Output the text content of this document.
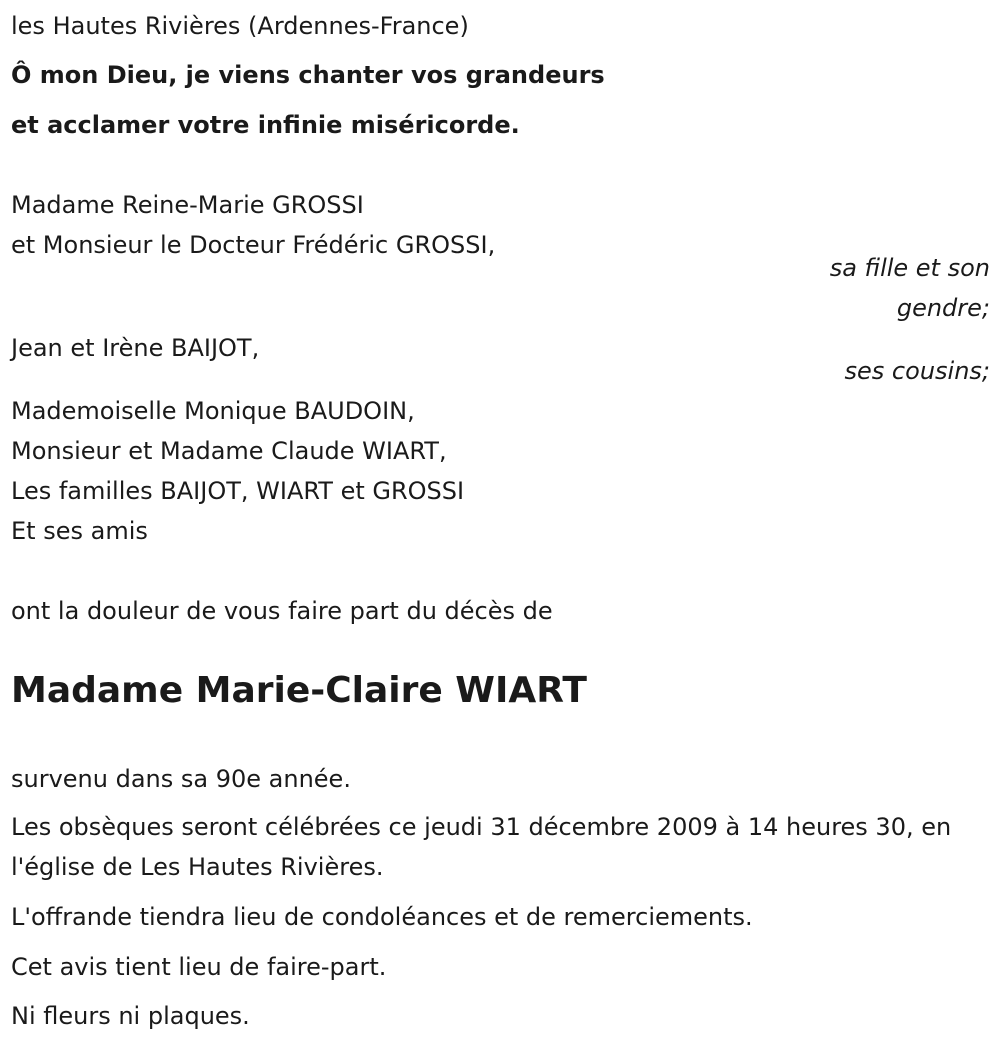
les Hautes Rivières (Ardennes-France)

Ô mon Dieu, je viens chanter vos grandeurs

et acclamer votre infinie miséricorde.

Madame Reine-Marie GROSSI

et Monsieur le Docteur Frédéric GROSSI,

sa fille et son

gendre;

Jean et Irène BAIJOT,

ses cousins;

Mademoiselle Monique BAUDOIN,

Monsieur et Madame Claude WIART,

Les familles BAIJOT, WIART et GROSSI

Et ses amis

ont la douleur de vous faire part du décès de

Madame Marie-Claire WIART

survenu dans sa 90e année.

Les obsèques seront célébrées ce jeudi 31 décembre 2009 à 14 heures 30, en l'église de Les Hautes Rivières.

L'offrande tiendra lieu de condoléances et de remerciements.

Cet avis tient lieu de faire-part.

Ni fleurs ni plaques.
